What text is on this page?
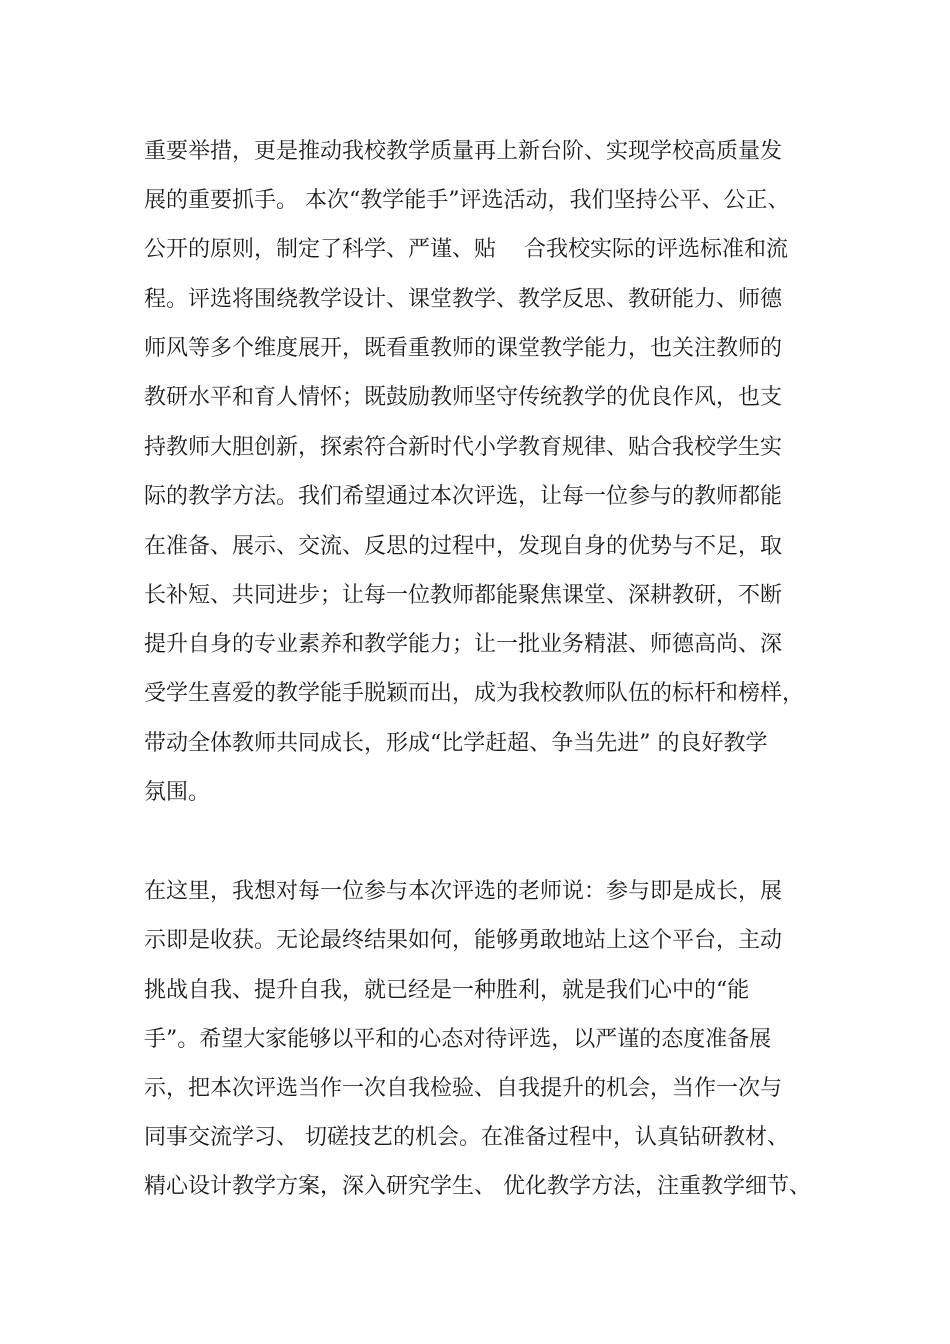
重要举措，更是推动我校教学质量再上新台阶、实现学校高质量发
展的重要抓手。 本次“教学能手”评选活动，我们坚持公平、公正、
公开的原则，制定了科学、严谨、贴    合我校实际的评选标准和流
程。评选将围绕教学设计、课堂教学、教学反思、教研能力、师德
师风等多个维度展开，既看重教师的课堂教学能力，也关注教师的
教研水平和育人情怀；既鼓励教师坚守传统教学的优良作风，也支
持教师大胆创新，探索符合新时代小学教育规律、贴合我校学生实
际的教学方法。我们希望通过本次评选，让每一位参与的教师都能
在准备、展示、交流、反思的过程中，发现自身的优势与不足，取
长补短、共同进步；让每一位教师都能聚焦课堂、深耕教研，不断
提升自身的专业素养和教学能力；让一批业务精湛、师德高尚、深
受学生喜爱的教学能手脱颖而出，成为我校教师队伍的标杆和榜样，
带动全体教师共同成长，形成“比学赶超、争当先进” 的良好教学
氛围。
在这里，我想对每一位参与本次评选的老师说：参与即是成长，展
示即是收获。无论最终结果如何，能够勇敢地站上这个平台，主动
挑战自我、提升自我，就已经是一种胜利，就是我们心中的“能
手”。希望大家能够以平和的心态对待评选，以严谨的态度准备展
示，把本次评选当作一次自我检验、自我提升的机会，当作一次与
同事交流学习、 切磋技艺的机会。在准备过程中，认真钻研教材、
精心设计教学方案，深入研究学生、 优化教学方法，注重教学细节、
